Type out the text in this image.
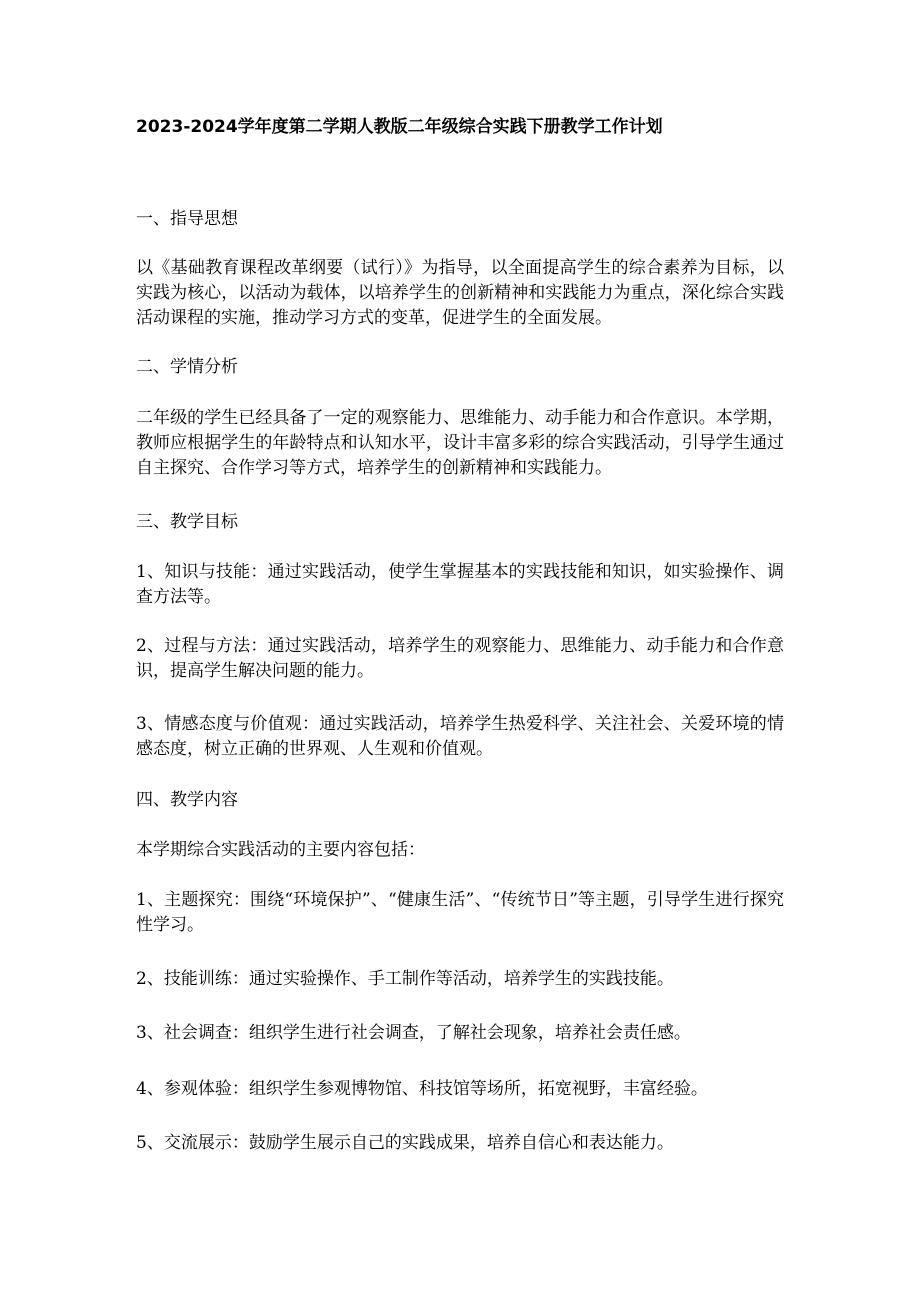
2023-2024学年度第二学期人教版二年级综合实践下册教学工作计划
一、指导思想

以《基础教育课程改革纲要（试行）》为指导，以全面提高学生的综合素养为目标，以实践为核心，以活动为载体，以培养学生的创新精神和实践能力为重点，深化综合实践活动课程的实施，推动学习方式的变革，促进学生的全面发展。

二、学情分析

二年级的学生已经具备了一定的观察能力、思维能力、动手能力和合作意识。本学期，教师应根据学生的年龄特点和认知水平，设计丰富多彩的综合实践活动，引导学生通过自主探究、合作学习等方式，培养学生的创新精神和实践能力。

三、教学目标

1、知识与技能：通过实践活动，使学生掌握基本的实践技能和知识，如实验操作、调查方法等。

2、过程与方法：通过实践活动，培养学生的观察能力、思维能力、动手能力和合作意识，提高学生解决问题的能力。

3、情感态度与价值观：通过实践活动，培养学生热爱科学、关注社会、关爱环境的情感态度，树立正确的世界观、人生观和价值观。

四、教学内容

本学期综合实践活动的主要内容包括：

1、主题探究：围绕“环境保护”、“健康生活”、“传统节日”等主题，引导学生进行探究性学习。

2、技能训练：通过实验操作、手工制作等活动，培养学生的实践技能。

3、社会调查：组织学生进行社会调查，了解社会现象，培养社会责任感。

4、参观体验：组织学生参观博物馆、科技馆等场所，拓宽视野，丰富经验。

5、交流展示：鼓励学生展示自己的实践成果，培养自信心和表达能力。
